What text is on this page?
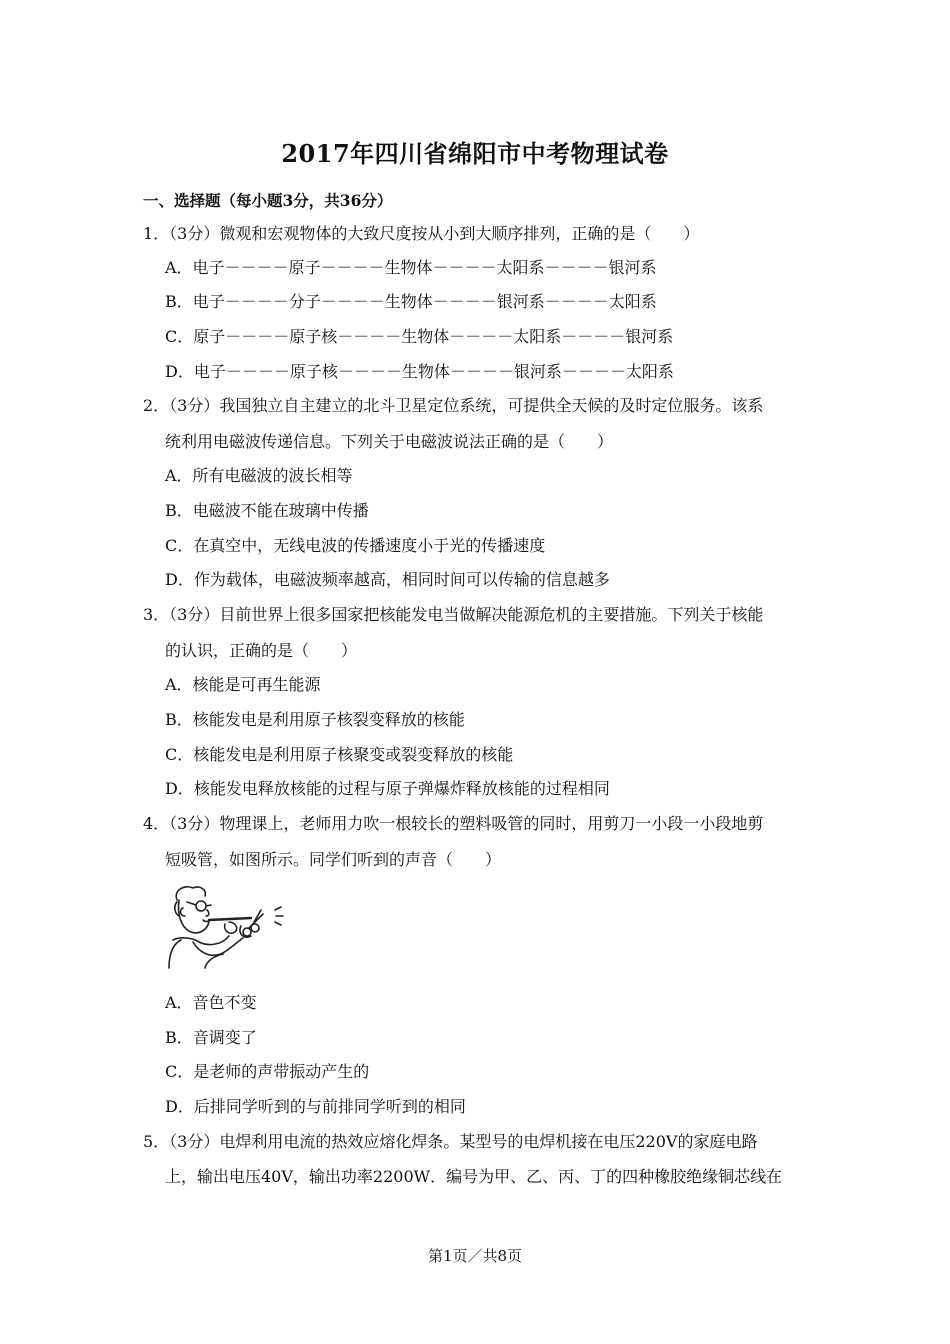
2017年四川省绵阳市中考物理试卷
一、选择题（每小题3分，共36分）
1．（3分）微观和宏观物体的大致尺度按从小到大顺序排列，正确的是（　　）
A．电子－－－－原子－－－－生物体－－－－太阳系－－－－银河系
B．电子－－－－分子－－－－生物体－－－－银河系－－－－太阳系
C．原子－－－－原子核－－－－生物体－－－－太阳系－－－－银河系
D．电子－－－－原子核－－－－生物体－－－－银河系－－－－太阳系
2．（3分）我国独立自主建立的北斗卫星定位系统，可提供全天候的及时定位服务。该系
统利用电磁波传递信息。下列关于电磁波说法正确的是（　　）
A．所有电磁波的波长相等
B．电磁波不能在玻璃中传播
C．在真空中，无线电波的传播速度小于光的传播速度
D．作为载体，电磁波频率越高，相同时间可以传输的信息越多
3．（3分）目前世界上很多国家把核能发电当做解决能源危机的主要措施。下列关于核能
的认识，正确的是（　　）
A．核能是可再生能源
B．核能发电是利用原子核裂变释放的核能
C．核能发电是利用原子核聚变或裂变释放的核能
D．核能发电释放核能的过程与原子弹爆炸释放核能的过程相同
4．（3分）物理课上，老师用力吹一根较长的塑料吸管的同时，用剪刀一小段一小段地剪
短吸管，如图所示。同学们听到的声音（　　）
A．音色不变
B．音调变了
C．是老师的声带振动产生的
D．后排同学听到的与前排同学听到的相同
5．（3分）电焊利用电流的热效应熔化焊条。某型号的电焊机接在电压220V的家庭电路
上，输出电压40V，输出功率2200W．编号为甲、乙、丙、丁的四种橡胶绝缘铜芯线在
第1页／共8页
